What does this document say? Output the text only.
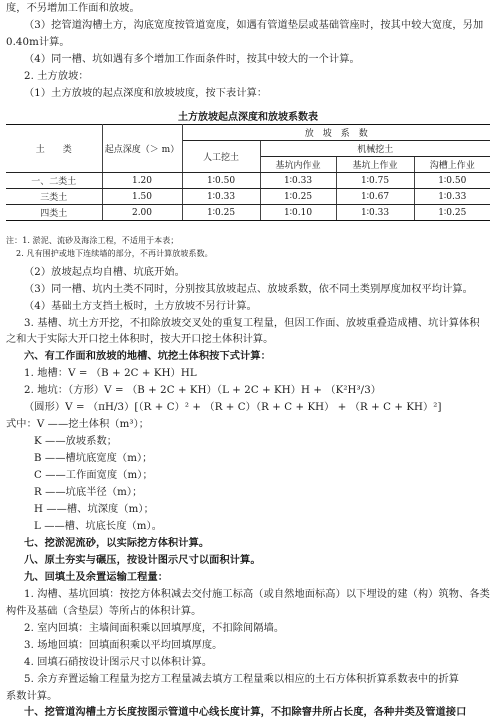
度，不另增加工作面和放坡。
（3）挖管道沟槽土方，沟底宽度按管道宽度，如遇有管道垫层或基础管座时，按其中较大宽度，另加
0.40m计算。
（4）同一槽、坑如遇有多个增加工作面条件时，按其中较大的一个计算。
2. 土方放坡：
（1）土方放坡的起点深度和放坡坡度，按下表计算：
土方放坡起点深度和放坡系数表
土　　类	起点深度（＞ m）	放　坡　系　数			
		人工挖土	机械挖土		
			基坑内作业	基坑上作业	沟槽上作业
一、二类土	1.20	1∶0.50	1∶0.33	1∶0.75	1∶0.50
三类土	1.50	1∶0.33	1∶0.25	1∶0.67	1∶0.33
四类土	2.00	1∶0.25	1∶0.10	1∶0.33	1∶0.25
注：1. 淤泥、流砂及海涂工程，不适用于本表；
2. 凡有围护或地下连续墙的部分，不再计算放坡系数。
（2）放坡起点均自槽、坑底开始。
（3）同一槽、坑内土类不同时，分别按其放坡起点、放坡系数，依不同土类别厚度加权平均计算。
（4）基础土方支挡土板时，土方放坡不另行计算。
3. 基槽、坑土方开挖，不扣除放坡交叉处的重复工程量，但因工作面、放坡重叠造成槽、坑计算体积
之和大于实际大开口挖土体积时，按大开口挖土体积计算。
六、有工作面和放坡的地槽、坑挖土体积按下式计算：
1. 地槽：V = （B + 2C + KH）HL
2. 地坑：（方形）V = （B + 2C + KH）（L + 2C + KH）H + （K²H³/3）
（圆形）V = （πH/3）[（R + C）² + （R + C）（R + C + KH） + （R + C + KH）²]
式中：V ——挖土体积（m³）；
K ——放坡系数；
B ——槽坑底宽度（m）；
C ——工作面宽度（m）；
R ——坑底半径（m）；
H ——槽、坑深度（m）；
L ——槽、坑底长度（m）。
七、挖淤泥流砂，以实际挖方体积计算。
八、原土夯实与碾压，按设计图示尺寸以面积计算。
九、回填土及余置运输工程量：
1. 沟槽、基坑回填：按挖方体积减去交付施工标高（或自然地面标高）以下埋设的建（构）筑物、各类
构件及基础（含垫层）等所占的体积计算。
2. 室内回填：主墙间面积乘以回填厚度，不扣除间隔墙。
3. 场地回填：回填面积乘以平均回填厚度。
4. 回填石硝按设计图示尺寸以体积计算。
5. 余方弃置运输工程量为挖方工程量减去填方工程量乘以相应的土石方体积折算系数表中的折算
系数计算。
十、挖管道沟槽土方长度按图示管道中心线长度计算，不扣除窨井所占长度，各种井类及管道接口
